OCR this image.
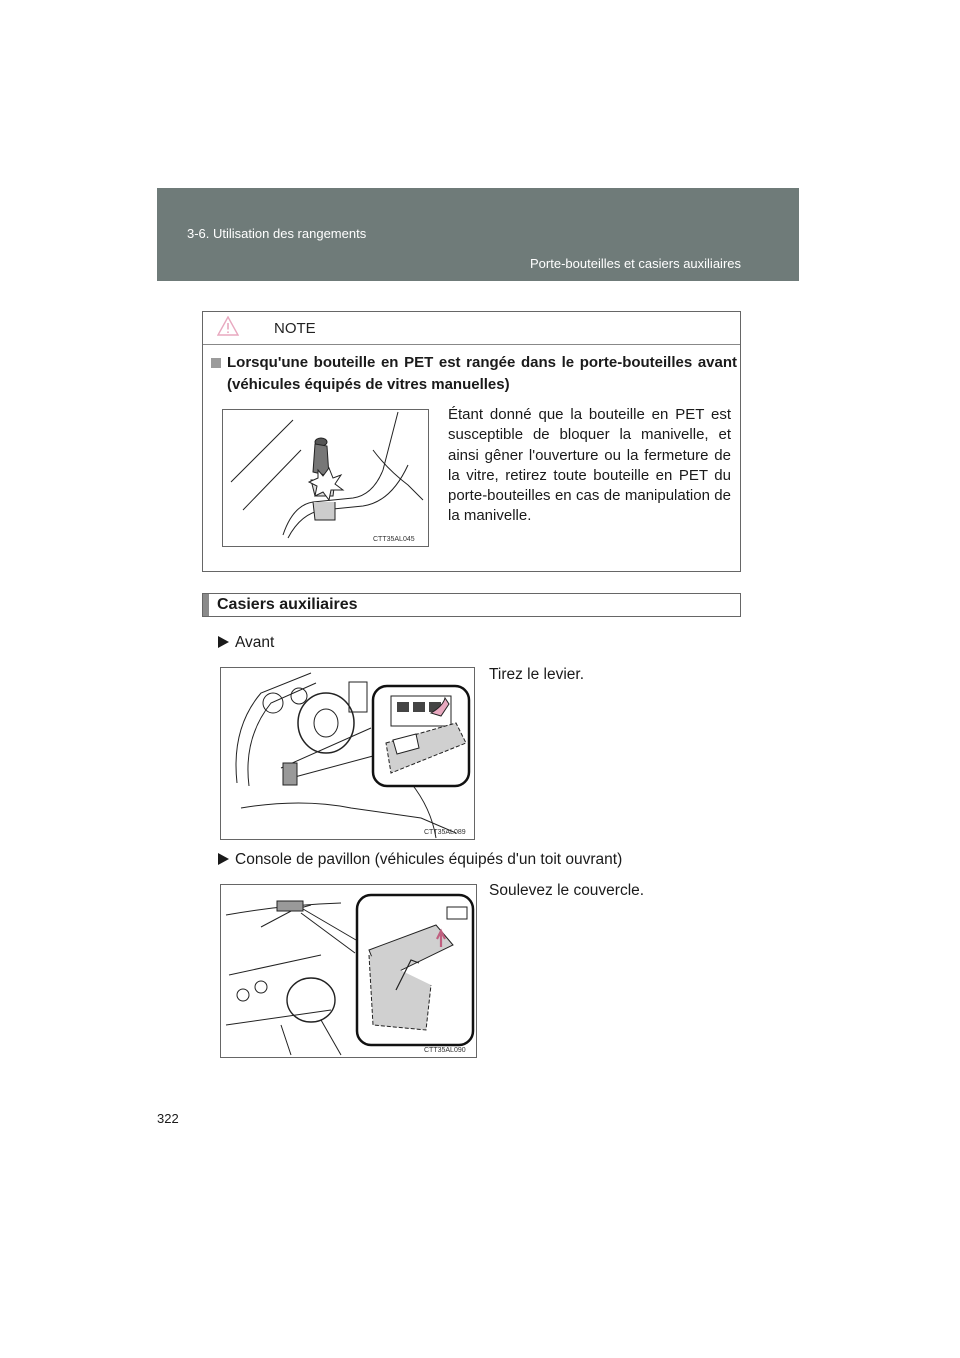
3-6. Utilisation des rangements
Porte-bouteilles et casiers auxiliaires
NOTE
Lorsqu'une bouteille en PET est rangée dans le porte-bouteilles avant (véhicules équipés de vitres manuelles)
CTT35AL045
Étant donné que la bouteille en PET est susceptible de bloquer la manivelle, et ainsi gêner l'ouverture ou la fermeture de la vitre, retirez toute bouteille en PET du porte-bouteilles en cas de manipulation de la manivelle.
Casiers auxiliaires
Avant
Tirez le levier.
CTT35AL089
Console de pavillon (véhicules équipés d'un toit ouvrant)
Soulevez le couvercle.
CTT35AL090
322
